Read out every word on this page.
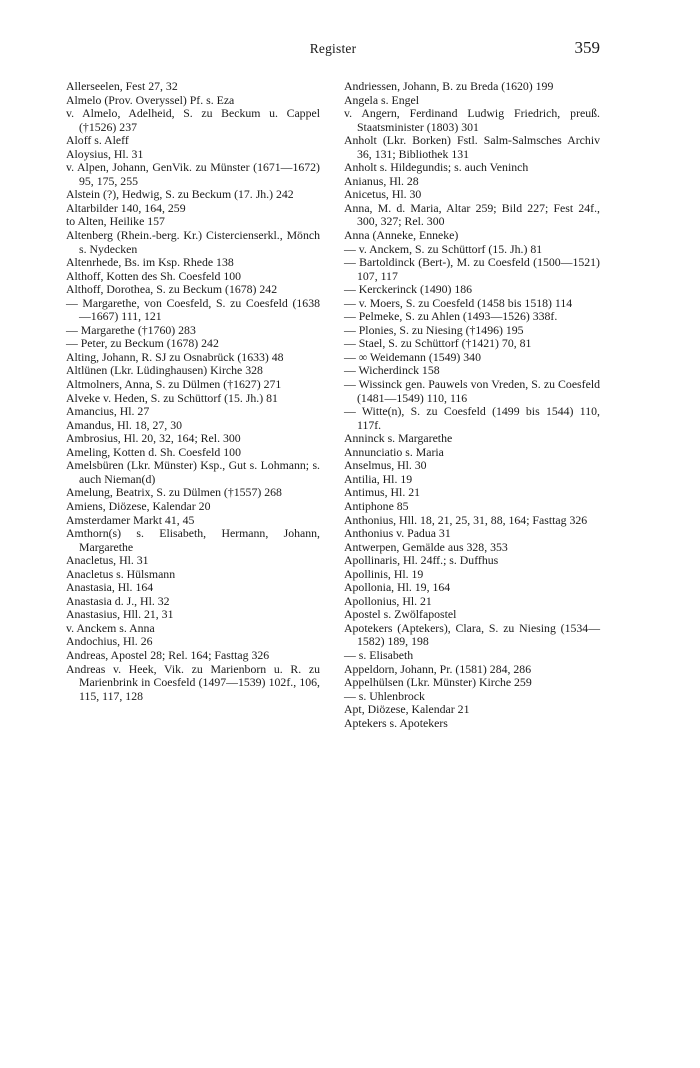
Register	359
Allerseelen, Fest 27, 32
Almelo (Prov. Overyssel) Pf. s. Eza
v. Almelo, Adelheid, S. zu Beckum u. Cappel (†1526) 237
Aloff s. Aleff
Aloysius, Hl. 31
v. Alpen, Johann, GenVik. zu Münster (1671—1672) 95, 175, 255
Alstein (?), Hedwig, S. zu Beckum (17. Jh.) 242
Altarbilder 140, 164, 259
to Alten, Heilike 157
Altenberg (Rhein.-berg. Kr.) Cistercienserkl., Mönch s. Nydecken
Altenrhede, Bs. im Ksp. Rhede 138
Althoff, Kotten des Sh. Coesfeld 100
Althoff, Dorothea, S. zu Beckum (1678) 242
— Margarethe, von Coesfeld, S. zu Coesfeld (1638—1667) 111, 121
— Margarethe (†1760) 283
— Peter, zu Beckum (1678) 242
Alting, Johann, R. SJ zu Osnabrück (1633) 48
Altlünen (Lkr. Lüdinghausen) Kirche 328
Altmolners, Anna, S. zu Dülmen (†1627) 271
Alveke v. Heden, S. zu Schüttorf (15. Jh.) 81
Amancius, Hl. 27
Amandus, Hl. 18, 27, 30
Ambrosius, Hl. 20, 32, 164; Rel. 300
Ameling, Kotten d. Sh. Coesfeld 100
Amelsbüren (Lkr. Münster) Ksp., Gut s. Lohmann; s. auch Nieman(d)
Amelung, Beatrix, S. zu Dülmen (†1557) 268
Amiens, Diözese, Kalendar 20
Amsterdamer Markt 41, 45
Amthorn(s) s. Elisabeth, Hermann, Johann, Margarethe
Anacletus, Hl. 31
Anacletus s. Hülsmann
Anastasia, Hl. 164
Anastasia d. J., Hl. 32
Anastasius, Hll. 21, 31
v. Anckem s. Anna
Andochius, Hl. 26
Andreas, Apostel 28; Rel. 164; Fasttag 326
Andreas v. Heek, Vik. zu Marienborn u. R. zu Marienbrink in Coesfeld (1497—1539) 102f., 106, 115, 117, 128
Andriessen, Johann, B. zu Breda (1620) 199
Angela s. Engel
v. Angern, Ferdinand Ludwig Friedrich, preuß. Staatsminister (1803) 301
Anholt (Lkr. Borken) Fstl. Salm-Salmsches Archiv 36, 131; Bibliothek 131
Anholt s. Hildegundis; s. auch Veninch
Anianus, Hl. 28
Anicetus, Hl. 30
Anna, M. d. Maria, Altar 259; Bild 227; Fest 24f., 300, 327; Rel. 300
Anna (Anneke, Enneke)
— v. Anckem, S. zu Schüttorf (15. Jh.) 81
— Bartoldinck (Bert-), M. zu Coesfeld (1500—1521) 107, 117
— Kerckerinck (1490) 186
— v. Moers, S. zu Coesfeld (1458 bis 1518) 114
— Pelmeke, S. zu Ahlen (1493—1526) 338f.
— Plonies, S. zu Niesing (†1496) 195
— Stael, S. zu Schüttorf (†1421) 70, 81
— ∞ Weidemann (1549) 340
— Wicherdinck 158
— Wissinck gen. Pauwels von Vreden, S. zu Coesfeld (1481—1549) 110, 116
— Witte(n), S. zu Coesfeld (1499 bis 1544) 110, 117f.
Anninck s. Margarethe
Annunciatio s. Maria
Anselmus, Hl. 30
Antilia, Hl. 19
Antimus, Hl. 21
Antiphone 85
Anthonius, Hll. 18, 21, 25, 31, 88, 164; Fasttag 326
Anthonius v. Padua 31
Antwerpen, Gemälde aus 328, 353
Apollinaris, Hl. 24ff.; s. Duffhus
Apollinis, Hl. 19
Apollonia, Hl. 19, 164
Apollonius, Hl. 21
Apostel s. Zwölfapostel
Apotekers (Aptekers), Clara, S. zu Niesing (1534—1582) 189, 198
— s. Elisabeth
Appeldorn, Johann, Pr. (1581) 284, 286
Appelhülsen (Lkr. Münster) Kirche 259
— s. Uhlenbrock
Apt, Diözese, Kalendar 21
Aptekers s. Apotekers
